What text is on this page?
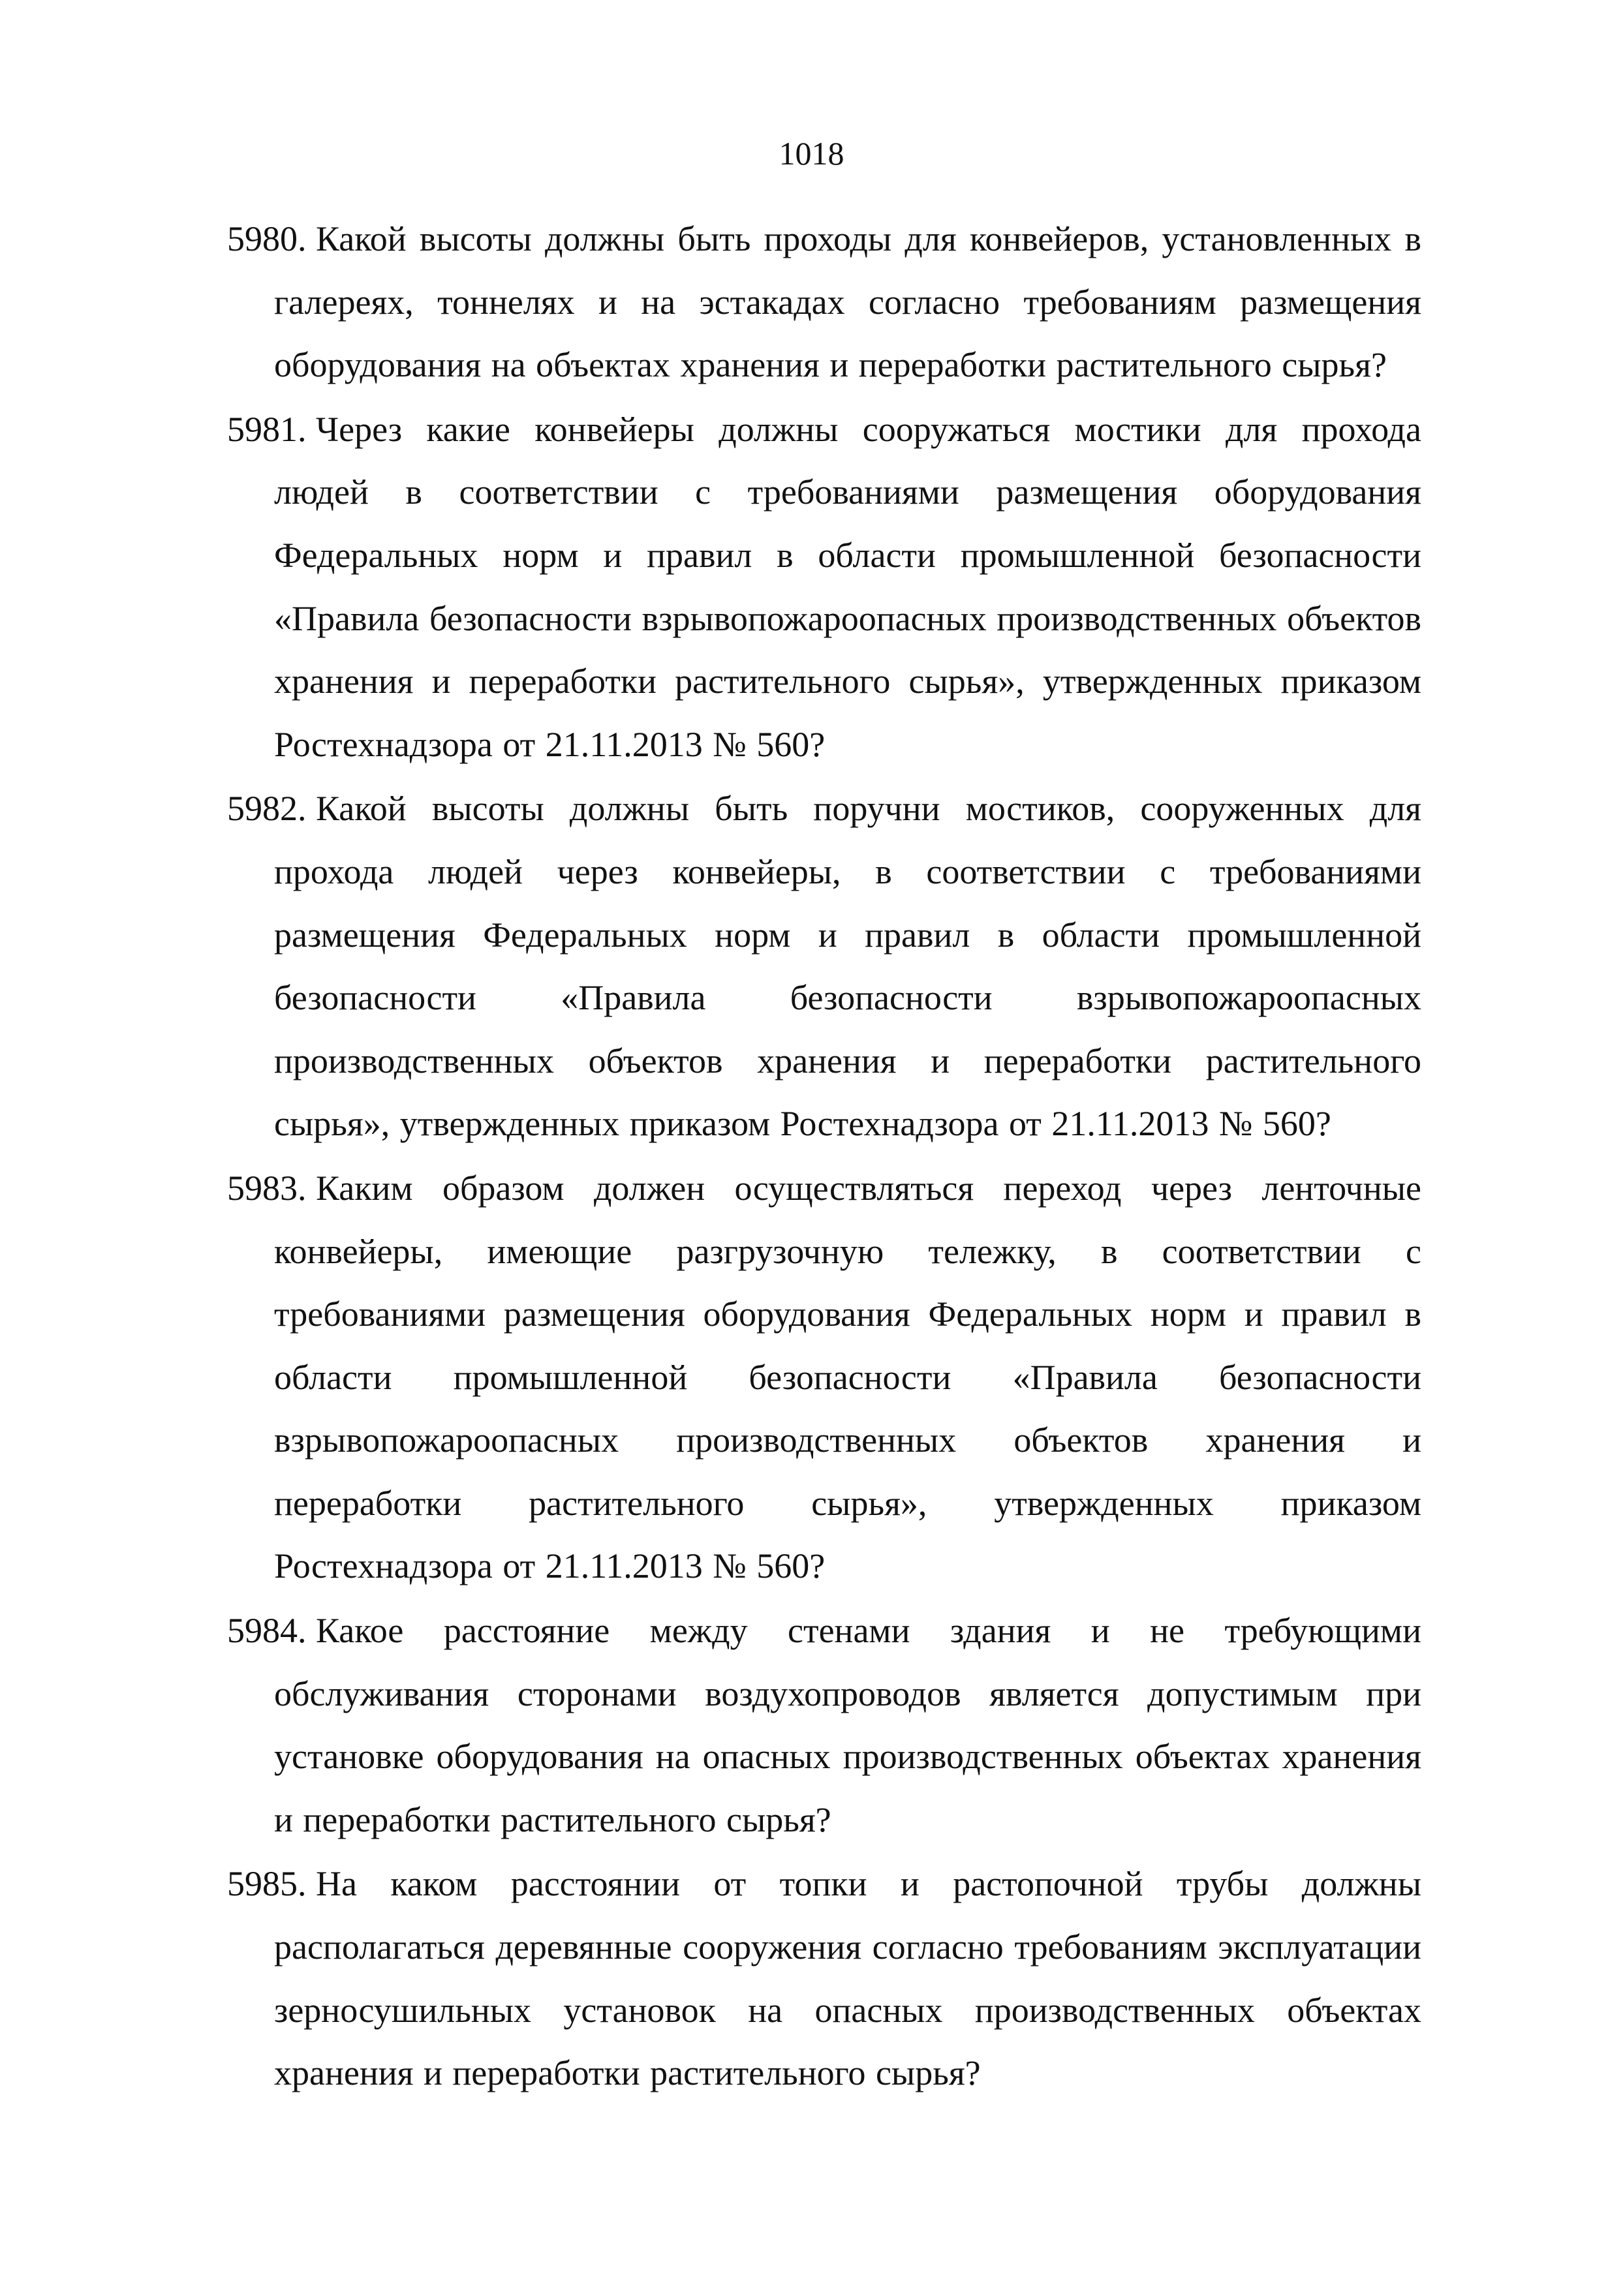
1018
5980. Какой высоты должны быть проходы для конвейеров, установленных в галереях, тоннелях и на эстакадах согласно требованиям размещения оборудования на объектах хранения и переработки растительного сырья?
5981. Через какие конвейеры должны сооружаться мостики для прохода людей в соответствии с требованиями размещения оборудования Федеральных норм и правил в области промышленной безопасности «Правила безопасности взрывопожароопасных производственных объектов хранения и переработки растительного сырья», утвержденных приказом Ростехнадзора от 21.11.2013 № 560?
5982. Какой высоты должны быть поручни мостиков, сооруженных для прохода людей через конвейеры, в соответствии с требованиями размещения Федеральных норм и правил в области промышленной безопасности «Правила безопасности взрывопожароопасных производственных объектов хранения и переработки растительного сырья», утвержденных приказом Ростехнадзора от 21.11.2013 № 560?
5983. Каким образом должен осуществляться переход через ленточные конвейеры, имеющие разгрузочную тележку, в соответствии с требованиями размещения оборудования Федеральных норм и правил в области промышленной безопасности «Правила безопасности взрывопожароопасных производственных объектов хранения и переработки растительного сырья», утвержденных приказом Ростехнадзора от 21.11.2013 № 560?
5984. Какое расстояние между стенами здания и не требующими обслуживания сторонами воздухопроводов является допустимым при установке оборудования на опасных производственных объектах хранения и переработки растительного сырья?
5985. На каком расстоянии от топки и растопочной трубы должны располагаться деревянные сооружения согласно требованиям эксплуатации зерносушильных установок на опасных производственных объектах хранения и переработки растительного сырья?
